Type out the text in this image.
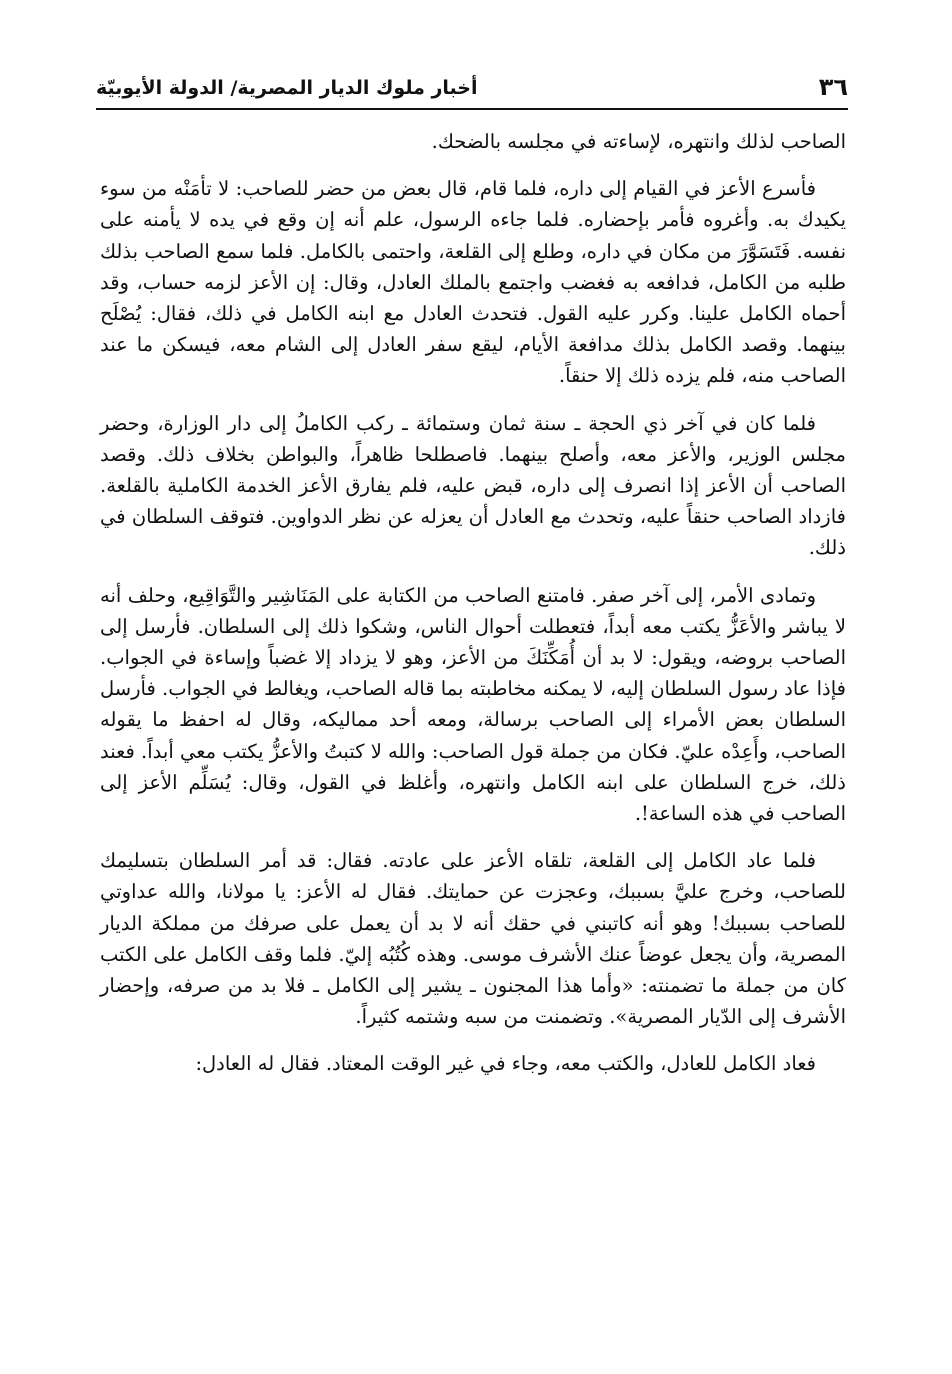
٣٦
أخبار ملوك الديار المصرية/ الدولة الأيوبيّة

الصاحب لذلك وانتهره، لإساءته في مجلسه بالضحك.

فأسرع الأعز في القيام إلى داره، فلما قام، قال بعض من حضر للصاحب: لا تأمَنْه من سوء يكيدك به. وأغروه فأمر بإحضاره. فلما جاءه الرسول، علم أنه إن وقع في يده لا يأمنه على نفسه. فَتَسَوَّرَ من مكان في داره، وطلع إلى القلعة، واحتمى بالكامل. فلما سمع الصاحب بذلك طلبه من الكامل، فدافعه به فغضب واجتمع بالملك العادل، وقال: إن الأعز لزمه حساب، وقد أحماه الكامل علينا. وكرر عليه القول. فتحدث العادل مع ابنه الكامل في ذلك، فقال: يُصْلَح بينهما. وقصد الكامل بذلك مدافعة الأيام، ليقع سفر العادل إلى الشام معه، فيسكن ما عند الصاحب منه، فلم يزده ذلك إلا حنقاً.

فلما كان في آخر ذي الحجة ـ سنة ثمان وستمائة ـ ركب الكاملُ إلى دار الوزارة، وحضر مجلس الوزير، والأعز معه، وأصلح بينهما. فاصطلحا ظاهراً، والبواطن بخلاف ذلك. وقصد الصاحب أن الأعز إذا انصرف إلى داره، قبض عليه، فلم يفارق الأعز الخدمة الكاملية بالقلعة. فازداد الصاحب حنقاً عليه، وتحدث مع العادل أن يعزله عن نظر الدواوين. فتوقف السلطان في ذلك.

وتمادى الأمر، إلى آخر صفر. فامتنع الصاحب من الكتابة على المَنَاشِير والتَّوَاقِيع، وحلف أنه لا يباشر والأعَزُّ يكتب معه أبداً، فتعطلت أحوال الناس، وشكوا ذلك إلى السلطان. فأرسل إلى الصاحب بروضه، ويقول: لا بد أن أُمَكِّنَكَ من الأعز، وهو لا يزداد إلا غضباً وإساءة في الجواب. فإذا عاد رسول السلطان إليه، لا يمكنه مخاطبته بما قاله الصاحب، ويغالط في الجواب. فأرسل السلطان بعض الأمراء إلى الصاحب برسالة، ومعه أحد مماليكه، وقال له احفظ ما يقوله الصاحب، وأَعِدْه عليّ. فكان من جملة قول الصاحب: والله لا كتبتُ والأعزُّ يكتب معي أبداً. فعند ذلك، خرج السلطان على ابنه الكامل وانتهره، وأغلظ في القول، وقال: يُسَلِّم الأعز إلى الصاحب في هذه الساعة!.

فلما عاد الكامل إلى القلعة، تلقاه الأعز على عادته. فقال: قد أمر السلطان بتسليمك للصاحب، وخرج عليَّ بسببك، وعجزت عن حمايتك. فقال له الأعز: يا مولانا، والله عداوتي للصاحب بسببك! وهو أنه كاتبني في حقك أنه لا بد أن يعمل على صرفك من مملكة الديار المصرية، وأن يجعل عوضاً عنك الأشرف موسى. وهذه كُتُبُه إليّ. فلما وقف الكامل على الكتب كان من جملة ما تضمنته: «وأما هذا المجنون ـ يشير إلى الكامل ـ فلا بد من صرفه، وإحضار الأشرف إلى الدّيار المصرية». وتضمنت من سبه وشتمه كثيراً.

فعاد الكامل للعادل، والكتب معه، وجاء في غير الوقت المعتاد. فقال له العادل:
